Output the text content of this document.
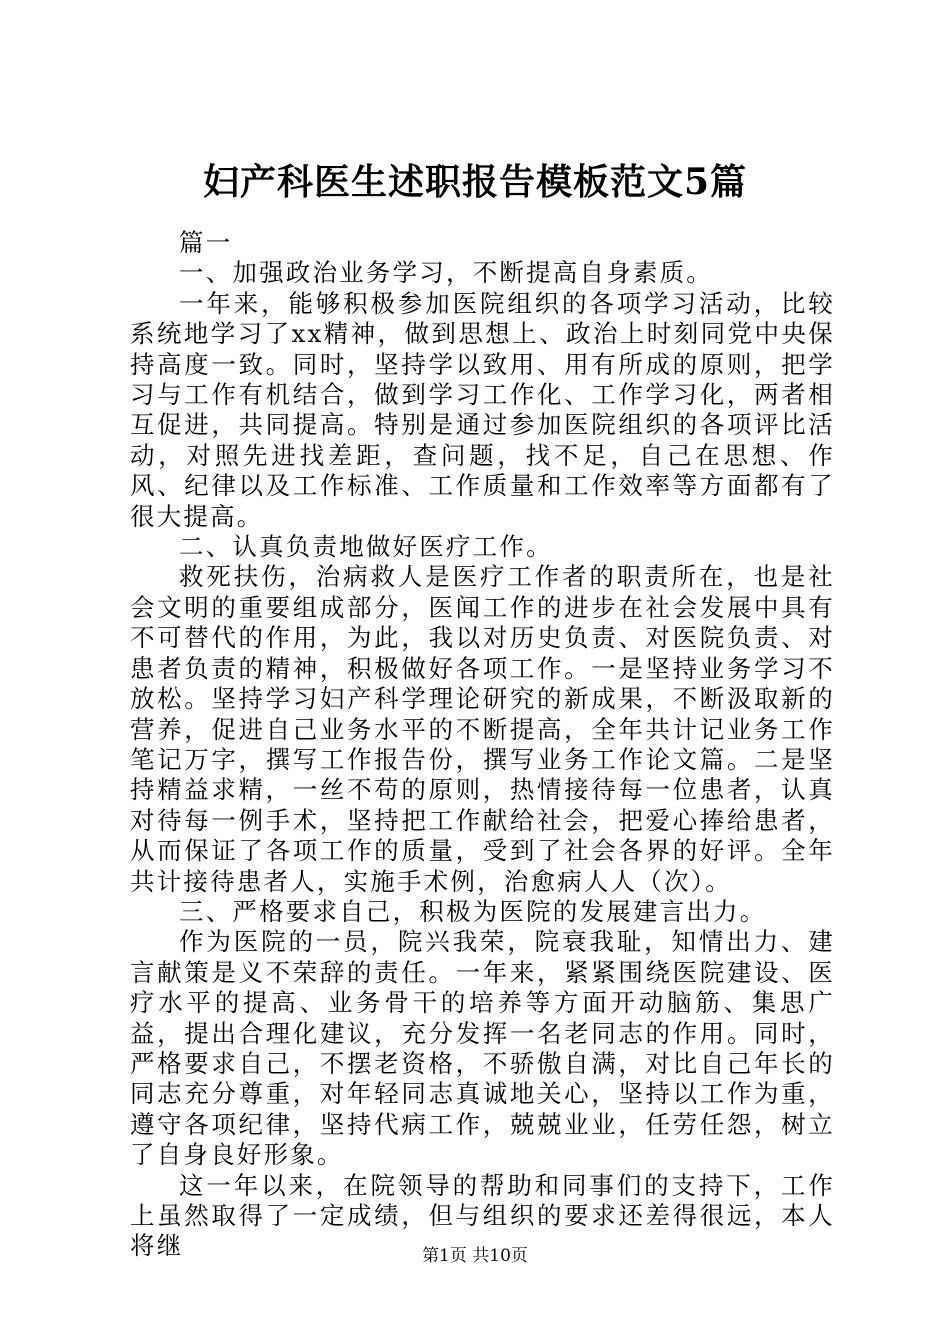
妇产科医生述职报告模板范文5篇

篇一

一、加强政治业务学习，不断提高自身素质。

一年来，能够积极参加医院组织的各项学习活动，比较系统地学习了xx精神，做到思想上、政治上时刻同党中央保持高度一致。同时，坚持学以致用、用有所成的原则，把学习与工作有机结合，做到学习工作化、工作学习化，两者相互促进，共同提高。特别是通过参加医院组织的各项评比活动，对照先进找差距，查问题，找不足，自己在思想、作风、纪律以及工作标准、工作质量和工作效率等方面都有了很大提高。

二、认真负责地做好医疗工作。

救死扶伤，治病救人是医疗工作者的职责所在，也是社会文明的重要组成部分，医闻工作的进步在社会发展中具有不可替代的作用，为此，我以对历史负责、对医院负责、对患者负责的精神，积极做好各项工作。一是坚持业务学习不放松。坚持学习妇产科学理论研究的新成果，不断汲取新的营养，促进自己业务水平的不断提高，全年共计记业务工作笔记万字，撰写工作报告份，撰写业务工作论文篇。二是坚持精益求精，一丝不苟的原则，热情接待每一位患者，认真对待每一例手术，坚持把工作献给社会，把爱心捧给患者，从而保证了各项工作的质量，受到了社会各界的好评。全年共计接待患者人，实施手术例，治愈病人人（次）。

三、严格要求自己，积极为医院的发展建言出力。

作为医院的一员，院兴我荣，院衰我耻，知情出力、建言献策是义不荣辞的责任。一年来，紧紧围绕医院建设、医疗水平的提高、业务骨干的培养等方面开动脑筋、集思广益，提出合理化建议，充分发挥一名老同志的作用。同时，严格要求自己，不摆老资格，不骄傲自满，对比自己年长的同志充分尊重，对年轻同志真诚地关心，坚持以工作为重，遵守各项纪律，坚持代病工作，兢兢业业，任劳任怨，树立了自身良好形象。

这一年以来，在院领导的帮助和同事们的支持下，工作上虽然取得了一定成绩，但与组织的要求还差得很远，本人将继	第1页 共10页
